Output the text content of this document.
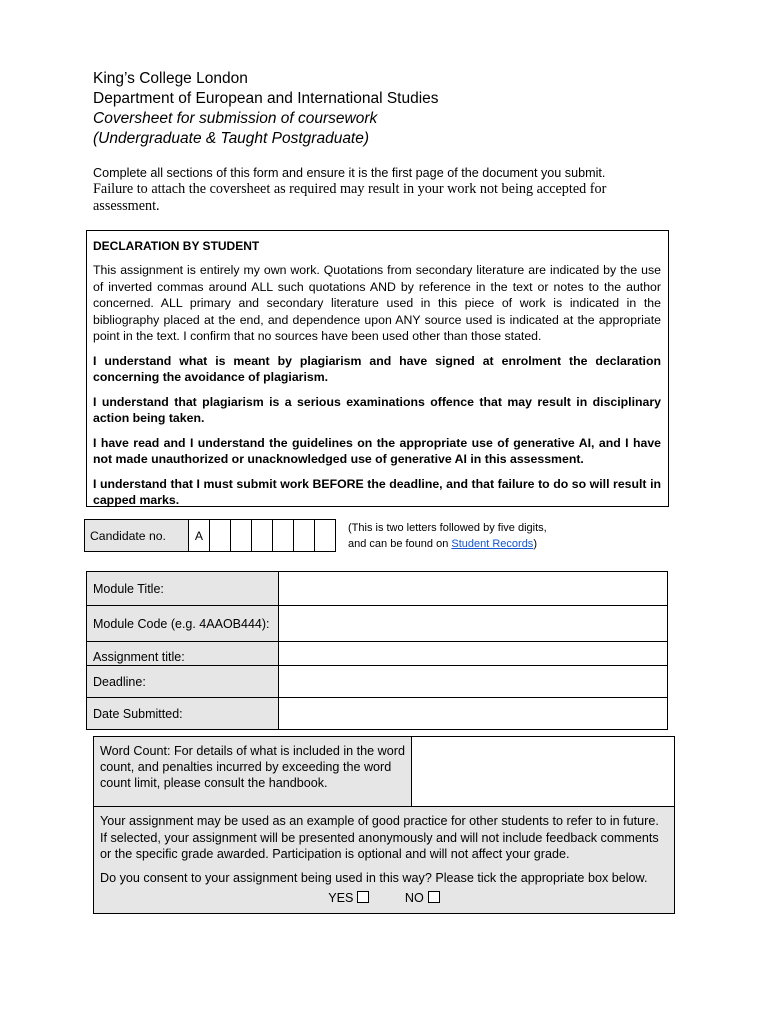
King’s College London
Department of European and International Studies
Coversheet for submission of coursework
(Undergraduate & Taught Postgraduate)
Complete all sections of this form and ensure it is the first page of the document you submit.
Failure to attach the coversheet as required may result in your work not being accepted for assessment.
DECLARATION BY STUDENT

This assignment is entirely my own work. Quotations from secondary literature are indicated by the use of inverted commas around ALL such quotations AND by reference in the text or notes to the author concerned. ALL primary and secondary literature used in this piece of work is indicated in the bibliography placed at the end, and dependence upon ANY source used is indicated at the appropriate point in the text. I confirm that no sources have been used other than those stated.

I understand what is meant by plagiarism and have signed at enrolment the declaration concerning the avoidance of plagiarism.

I understand that plagiarism is a serious examinations offence that may result in disciplinary action being taken.

I have read and I understand the guidelines on the appropriate use of generative AI, and I have not made unauthorized or unacknowledged use of generative AI in this assessment.

I understand that I must submit work BEFORE the deadline, and that failure to do so will result in capped marks.

Candidate no.	A						
(This is two letters followed by five digits,
and can be found on Student Records)
Module Title:	
Module Code (e.g. 4AAOB444):	
Assignment title:	
Deadline:	
Date Submitted:	
Word Count: For details of what is included in the word count, and penalties incurred by exceeding the word count limit, please consult the handbook.	

Your assignment may be used as an example of good practice for other students to refer to in future. If selected, your assignment will be presented anonymously and will not include feedback comments or the specific grade awarded. Participation is optional and will not affect your grade.

Do you consent to your assignment being used in this way? Please tick the appropriate box below.

YES	NO
